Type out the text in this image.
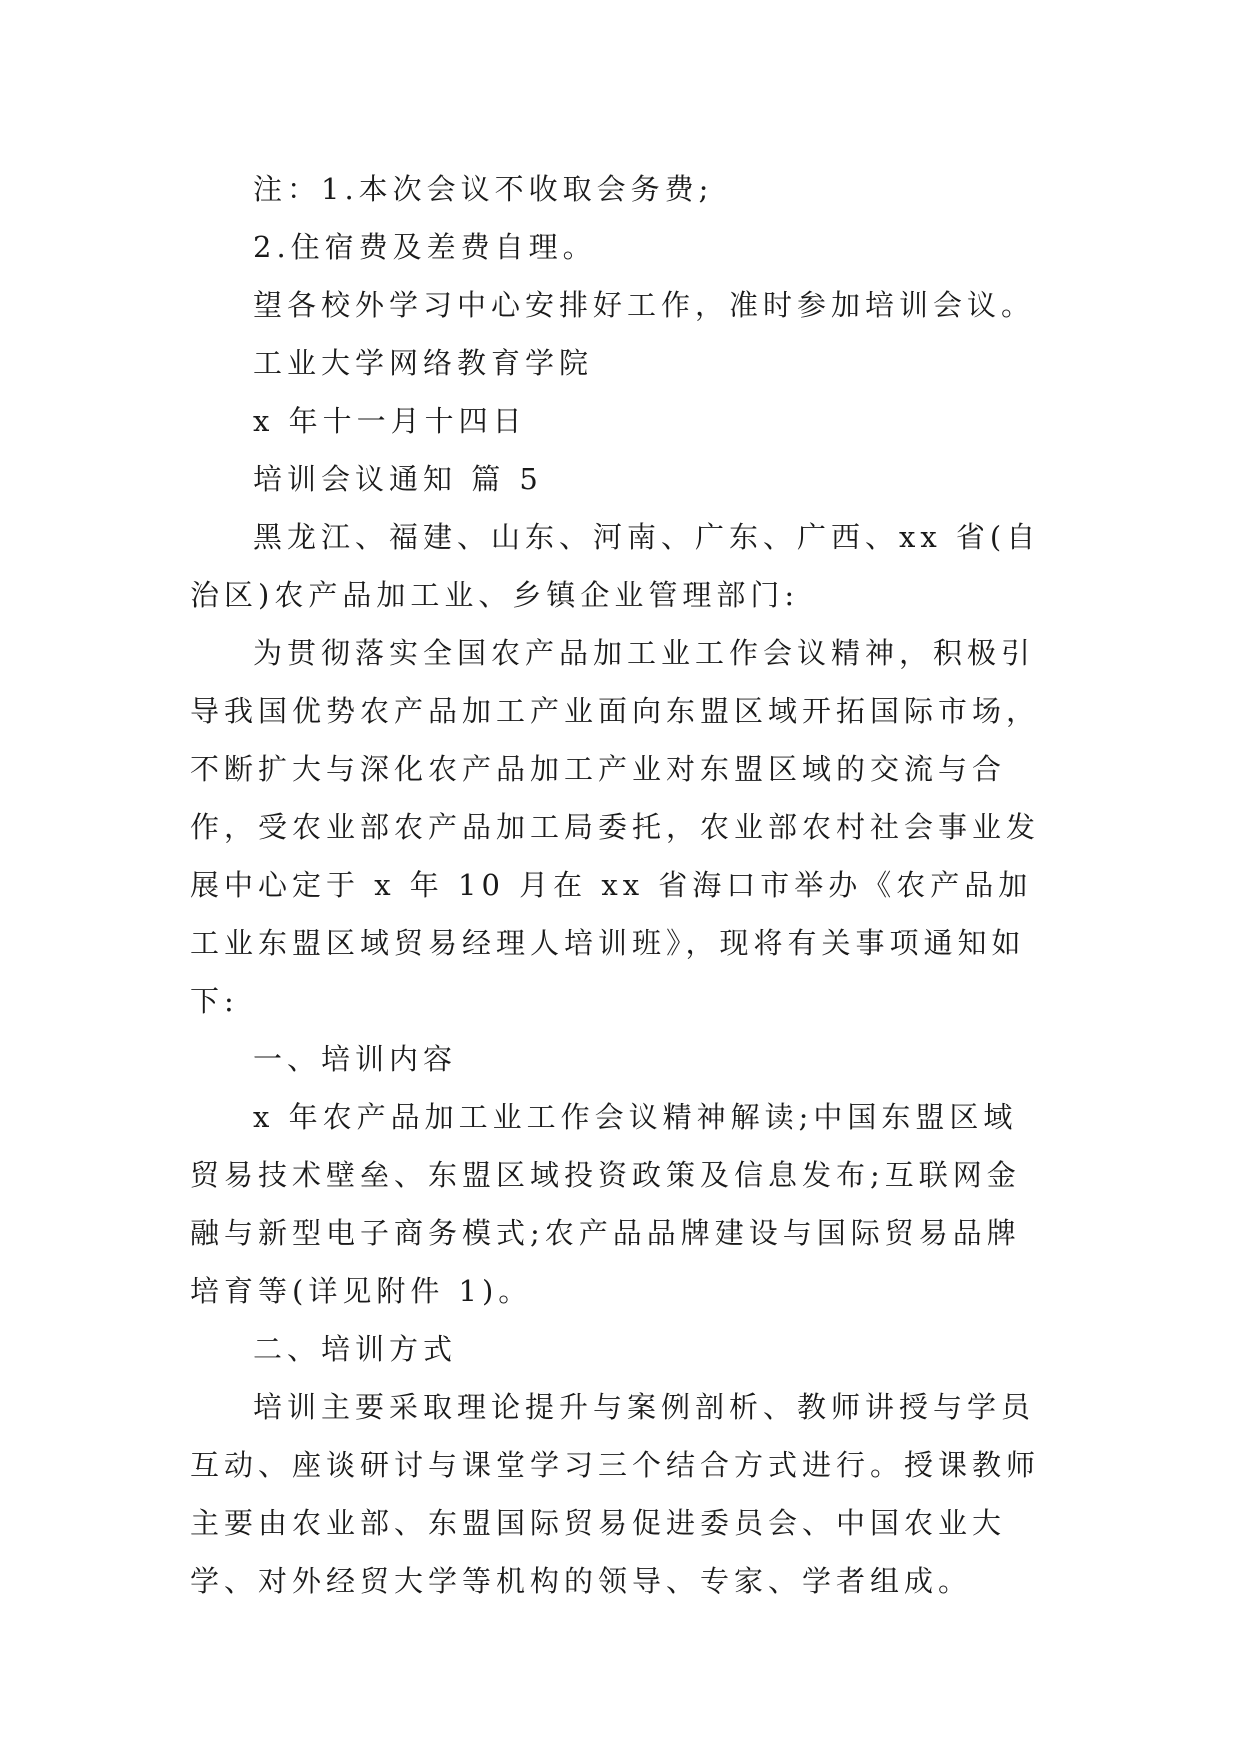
注：1.本次会议不收取会务费;

2.住宿费及差费自理。

望各校外学习中心安排好工作，准时参加培训会议。

工业大学网络教育学院

x 年十一月十四日

培训会议通知 篇 5

黑龙江、福建、山东、河南、广东、广西、xx 省(自治区)农产品加工业、乡镇企业管理部门:

为贯彻落实全国农产品加工业工作会议精神，积极引导我国优势农产品加工产业面向东盟区域开拓国际市场，不断扩大与深化农产品加工产业对东盟区域的交流与合作，受农业部农产品加工局委托，农业部农村社会事业发展中心定于 x 年 10 月在 xx 省海口市举办《农产品加工业东盟区域贸易经理人培训班》，现将有关事项通知如下:

一、培训内容

x 年农产品加工业工作会议精神解读;中国东盟区域贸易技术壁垒、东盟区域投资政策及信息发布;互联网金融与新型电子商务模式;农产品品牌建设与国际贸易品牌培育等(详见附件 1)。

二、培训方式

培训主要采取理论提升与案例剖析、教师讲授与学员互动、座谈研讨与课堂学习三个结合方式进行。授课教师主要由农业部、东盟国际贸易促进委员会、中国农业大学、对外经贸大学等机构的领导、专家、学者组成。
